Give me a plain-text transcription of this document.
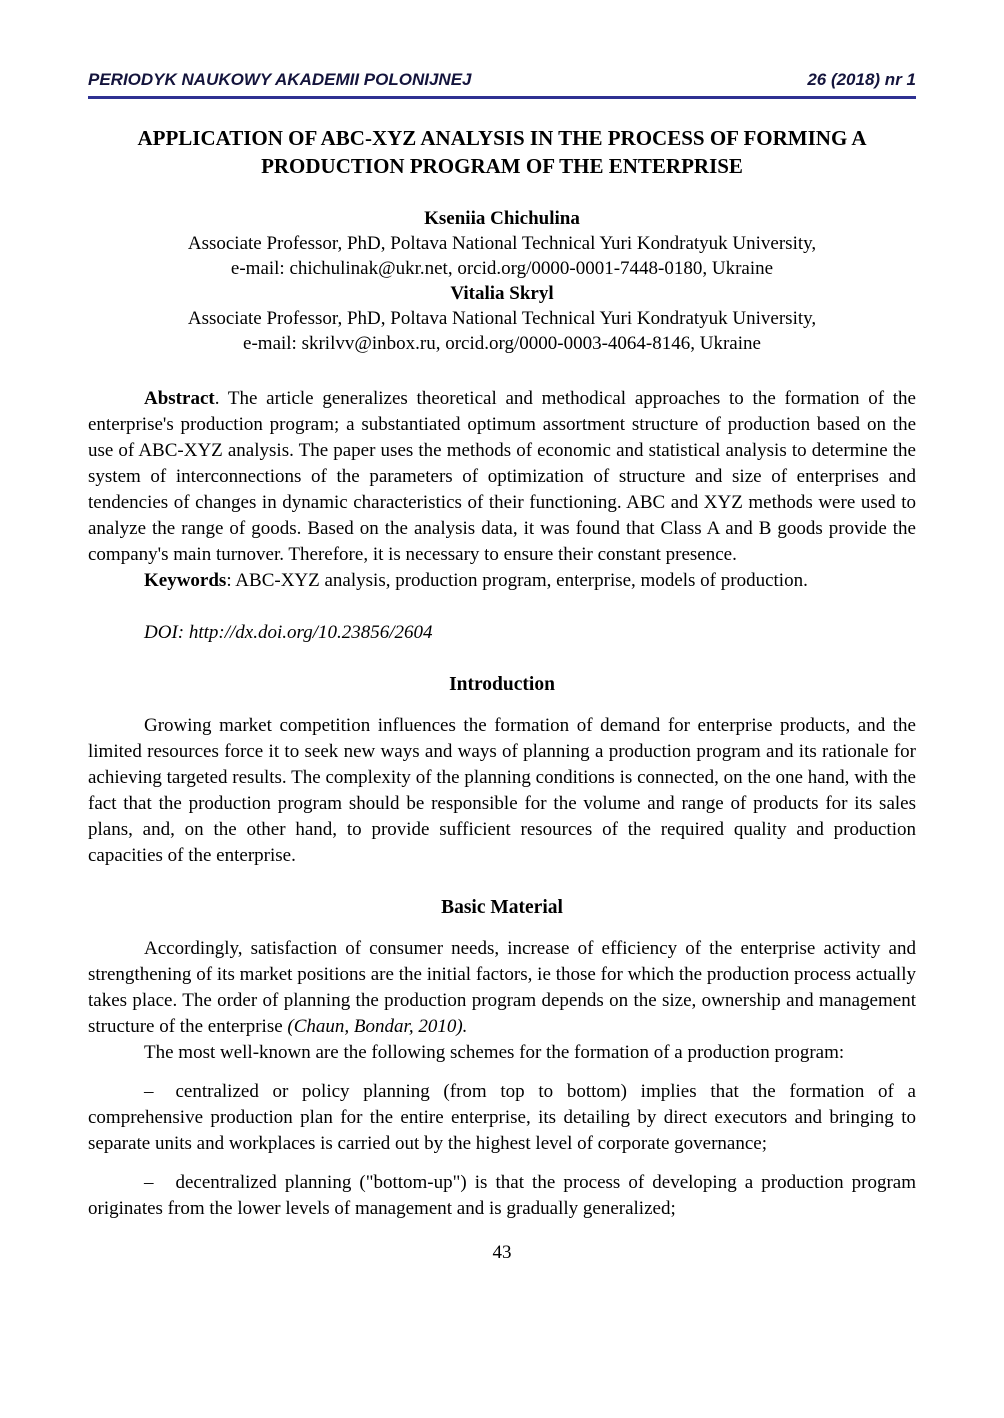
PERIODYK NAUKOWY AKADEMII POLONIJNEJ	26 (2018) nr 1
APPLICATION OF ABC-XYZ ANALYSIS IN THE PROCESS OF FORMING A PRODUCTION PROGRAM OF THE ENTERPRISE
Kseniia Chichulina
Associate Professor, PhD, Poltava National Technical Yuri Kondratyuk University,
e-mail: chichulinak@ukr.net, orcid.org/0000-0001-7448-0180, Ukraine
Vitalia Skryl
Associate Professor, PhD, Poltava National Technical Yuri Kondratyuk University,
e-mail: skrilvv@inbox.ru, orcid.org/0000-0003-4064-8146, Ukraine

Abstract. The article generalizes theoretical and methodical approaches to the formation of the enterprise's production program; a substantiated optimum assortment structure of production based on the use of ABC-XYZ analysis. The paper uses the methods of economic and statistical analysis to determine the system of interconnections of the parameters of optimization of structure and size of enterprises and tendencies of changes in dynamic characteristics of their functioning. ABC and XYZ methods were used to analyze the range of goods. Based on the analysis data, it was found that Class A and B goods provide the company's main turnover. Therefore, it is necessary to ensure their constant presence.

Keywords: ABC-XYZ analysis, production program, enterprise, models of production.

DOI: http://dx.doi.org/10.23856/2604

Introduction

Growing market competition influences the formation of demand for enterprise products, and the limited resources force it to seek new ways and ways of planning a production program and its rationale for achieving targeted results. The complexity of the planning conditions is connected, on the one hand, with the fact that the production program should be responsible for the volume and range of products for its sales plans, and, on the other hand, to provide sufficient resources of the required quality and production capacities of the enterprise.

Basic Material

Accordingly, satisfaction of consumer needs, increase of efficiency of the enterprise activity and strengthening of its market positions are the initial factors, ie those for which the production process actually takes place. The order of planning the production program depends on the size, ownership and management structure of the enterprise (Chaun, Bondar, 2010).

The most well-known are the following schemes for the formation of a production program:

– centralized or policy planning (from top to bottom) implies that the formation of a comprehensive production plan for the entire enterprise, its detailing by direct executors and bringing to separate units and workplaces is carried out by the highest level of corporate governance;

– decentralized planning ("bottom-up") is that the process of developing a production program originates from the lower levels of management and is gradually generalized;

43
